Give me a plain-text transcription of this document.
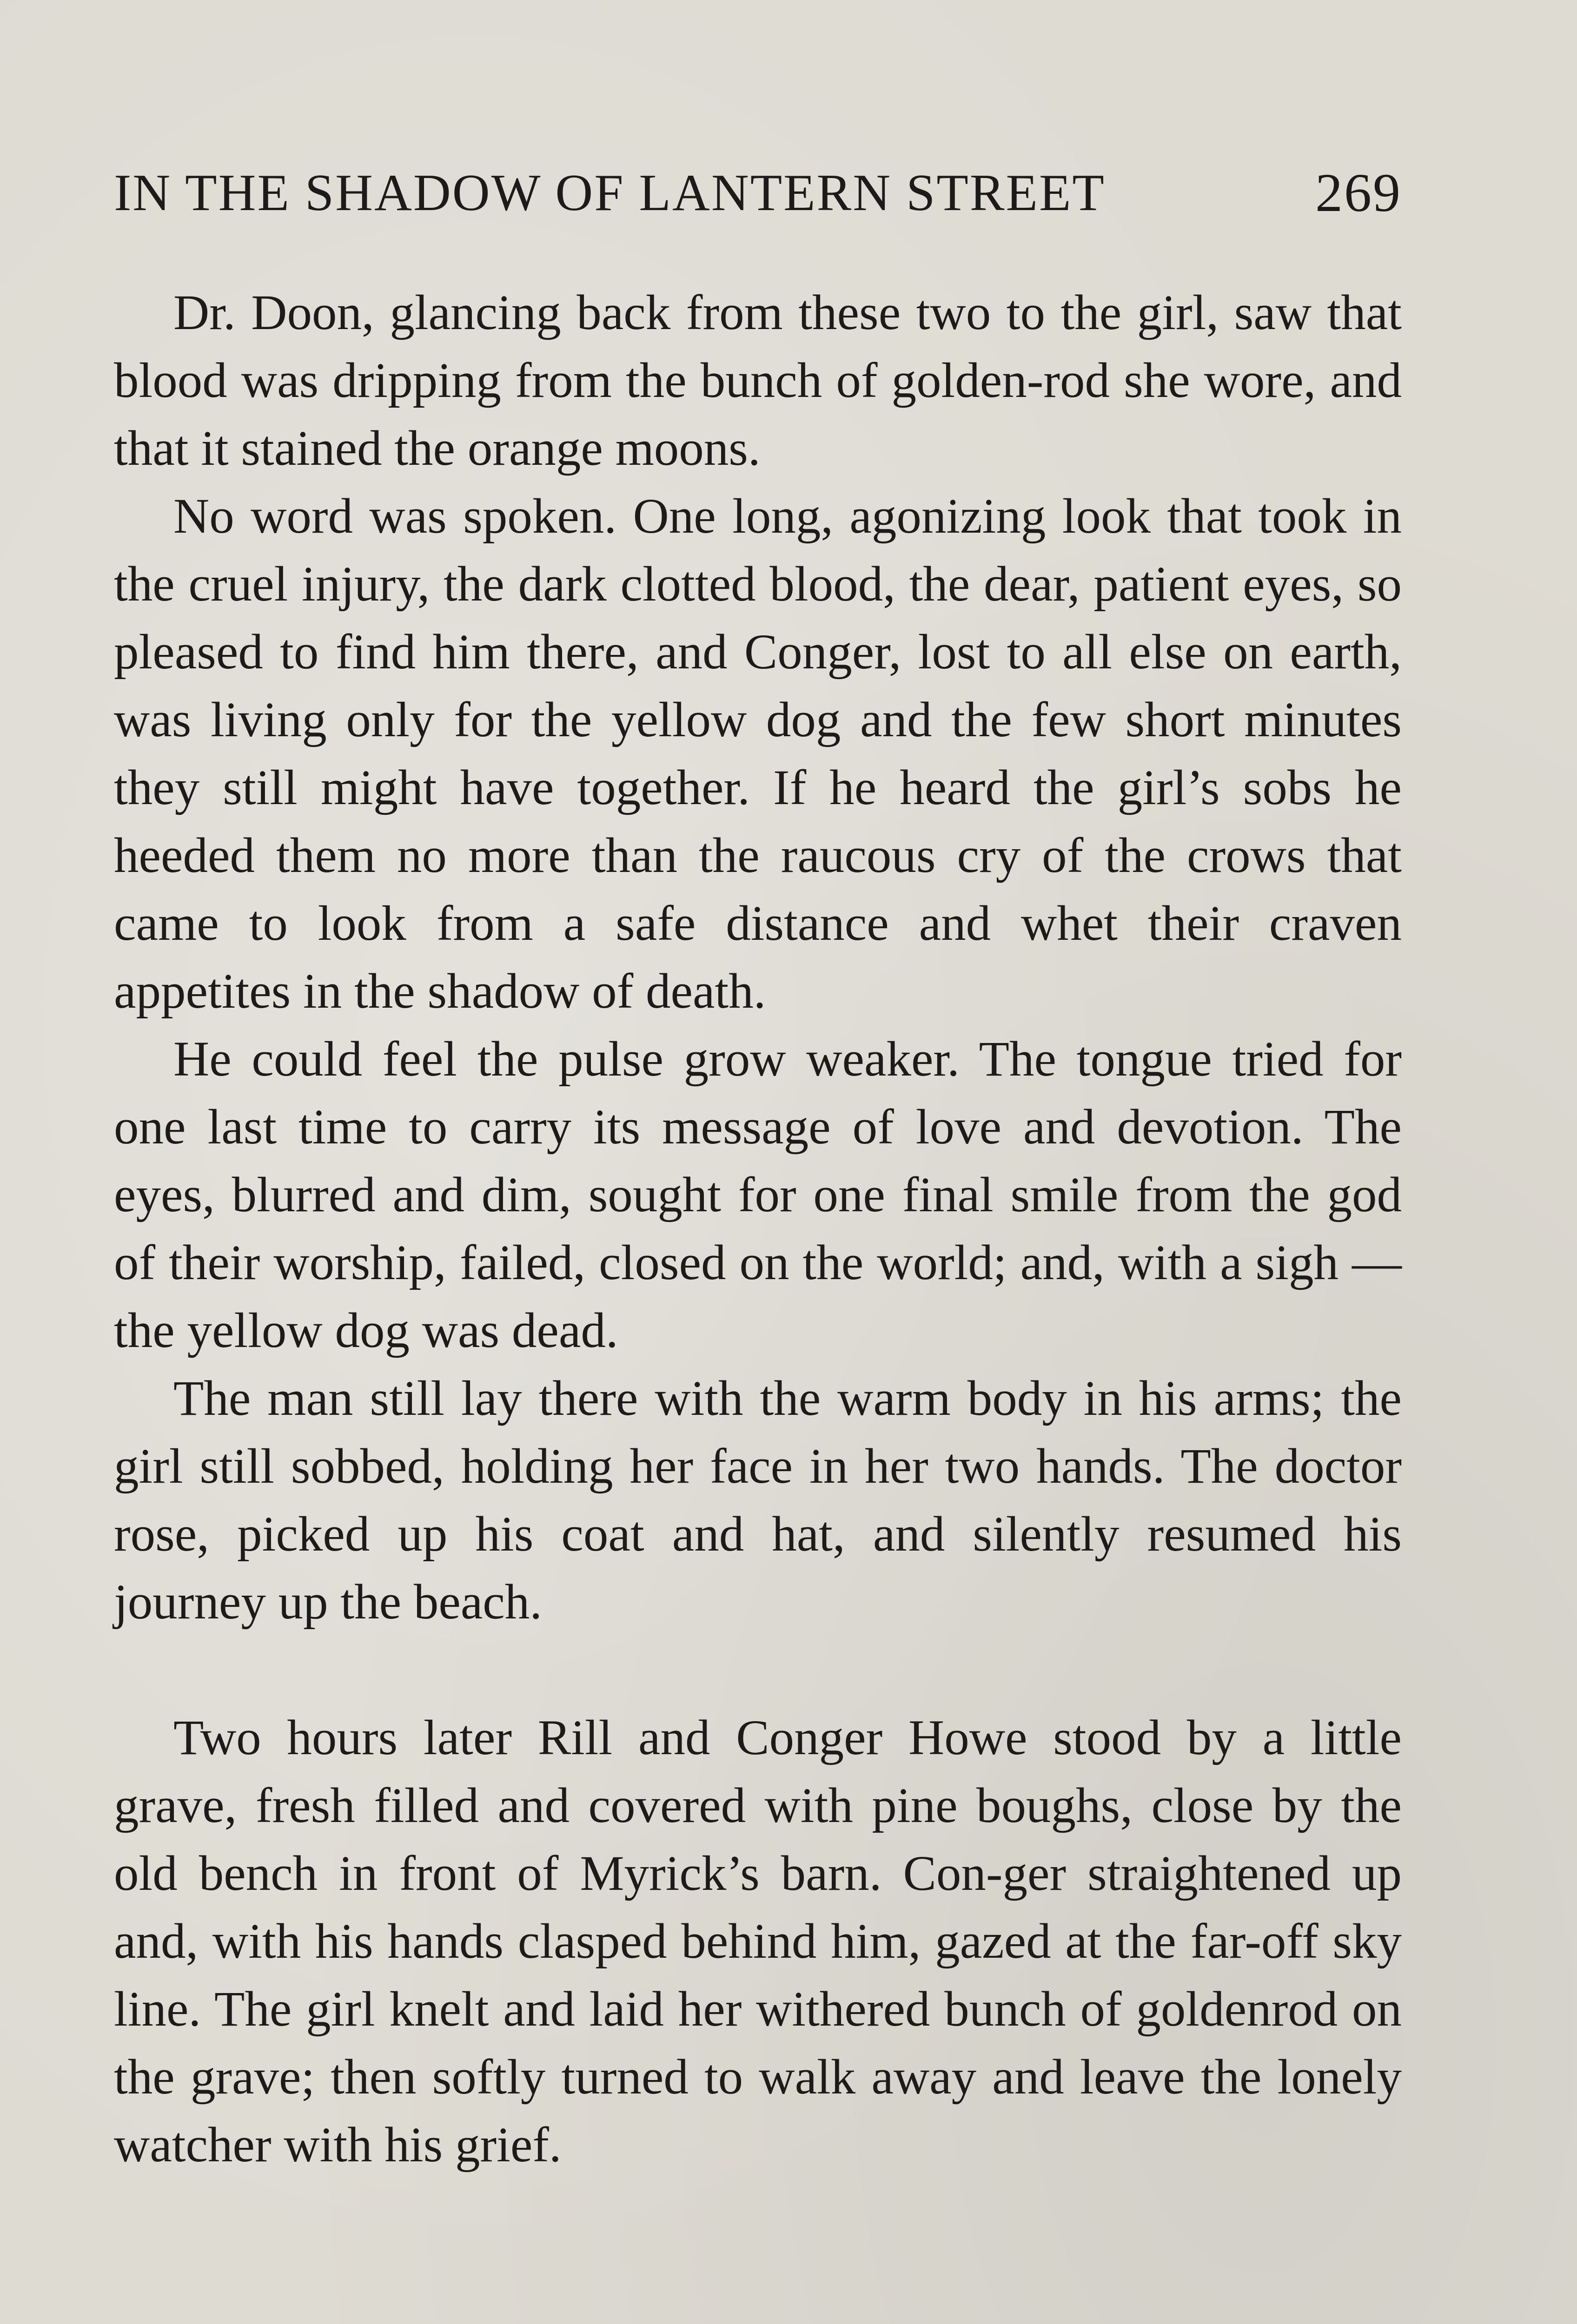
IN THE SHADOW OF LANTERN STREET	269

Dr. Doon, glancing back from these two to the girl, saw that blood was dripping from the bunch of golden-rod she wore, and that it stained the orange moons.

No word was spoken. One long, agonizing look that took in the cruel injury, the dark clotted blood, the dear, patient eyes, so pleased to find him there, and Conger, lost to all else on earth, was living only for the yellow dog and the few short minutes they still might have together. If he heard the girl’s sobs he heeded them no more than the raucous cry of the crows that came to look from a safe distance and whet their craven appetites in the shadow of death.

He could feel the pulse grow weaker. The tongue tried for one last time to carry its message of love and devotion. The eyes, blurred and dim, sought for one final smile from the god of their worship, failed, closed on the world; and, with a sigh — the yellow dog was dead.

The man still lay there with the warm body in his arms; the girl still sobbed, holding her face in her two hands. The doctor rose, picked up his coat and hat, and silently resumed his journey up the beach.

Two hours later Rill and Conger Howe stood by a little grave, fresh filled and covered with pine boughs, close by the old bench in front of Myrick’s barn. Con-ger straightened up and, with his hands clasped behind him, gazed at the far-off sky line. The girl knelt and laid her withered bunch of goldenrod on the grave; then softly turned to walk away and leave the lonely watcher with his grief.
